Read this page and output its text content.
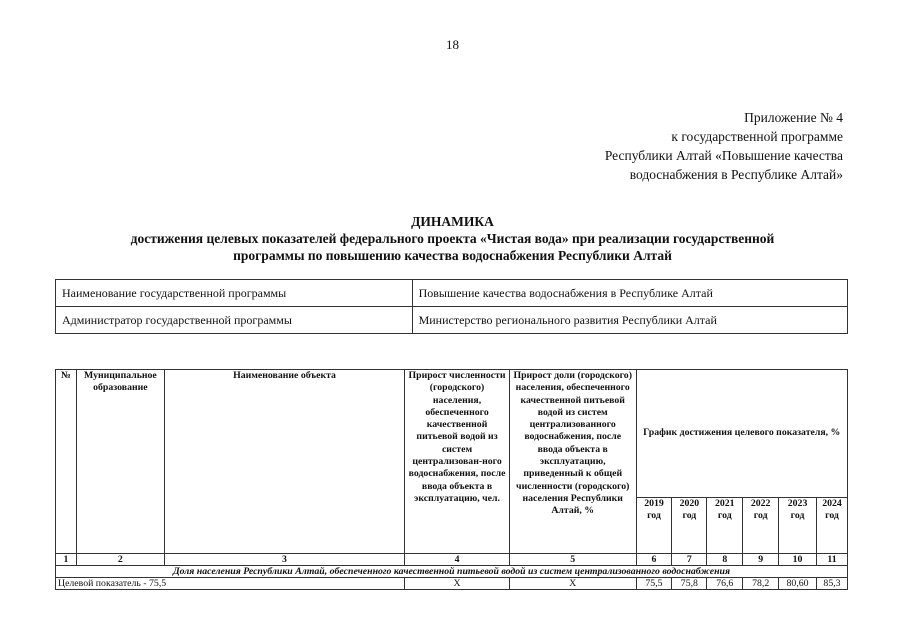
18
Приложение № 4
к государственной программе
Республики Алтай «Повышение качества
водоснабжения в Республике Алтай»
ДИНАМИКА
достижения целевых показателей федерального проекта «Чистая вода» при реализации государственной
программы по повышению качества водоснабжения Республики Алтай
Наименование государственной программы	Повышение качества водоснабжения в Республике Алтай
Администратор государственной программы	Министерство регионального развития Республики Алтай
№	Муниципальное образование	Наименование объекта	Прирост численности (городского) населения, обеспеченного качественной питьевой водой из систем централизован-ного водоснабжения, после ввода объекта в эксплуатацию, чел.	Прирост доли (городского) населения, обеспеченного качественной питьевой водой из систем централизованного водоснабжения, после ввода объекта в эксплуатацию, приведенный к общей численности (городского) населения Республики Алтай, %	График достижения целевого показателя, %					
					2019 год	2020 год	2021 год	2022 год	2023 год	2024 год
1	2	3	4	5	6	7	8	9	10	11
Доля населения Республики Алтай, обеспеченного качественной питьевой водой из систем централизованного водоснабжения										
Целевой показатель - 75,5			Х	Х	75,5	75,8	76,6	78,2	80,60	85,3
